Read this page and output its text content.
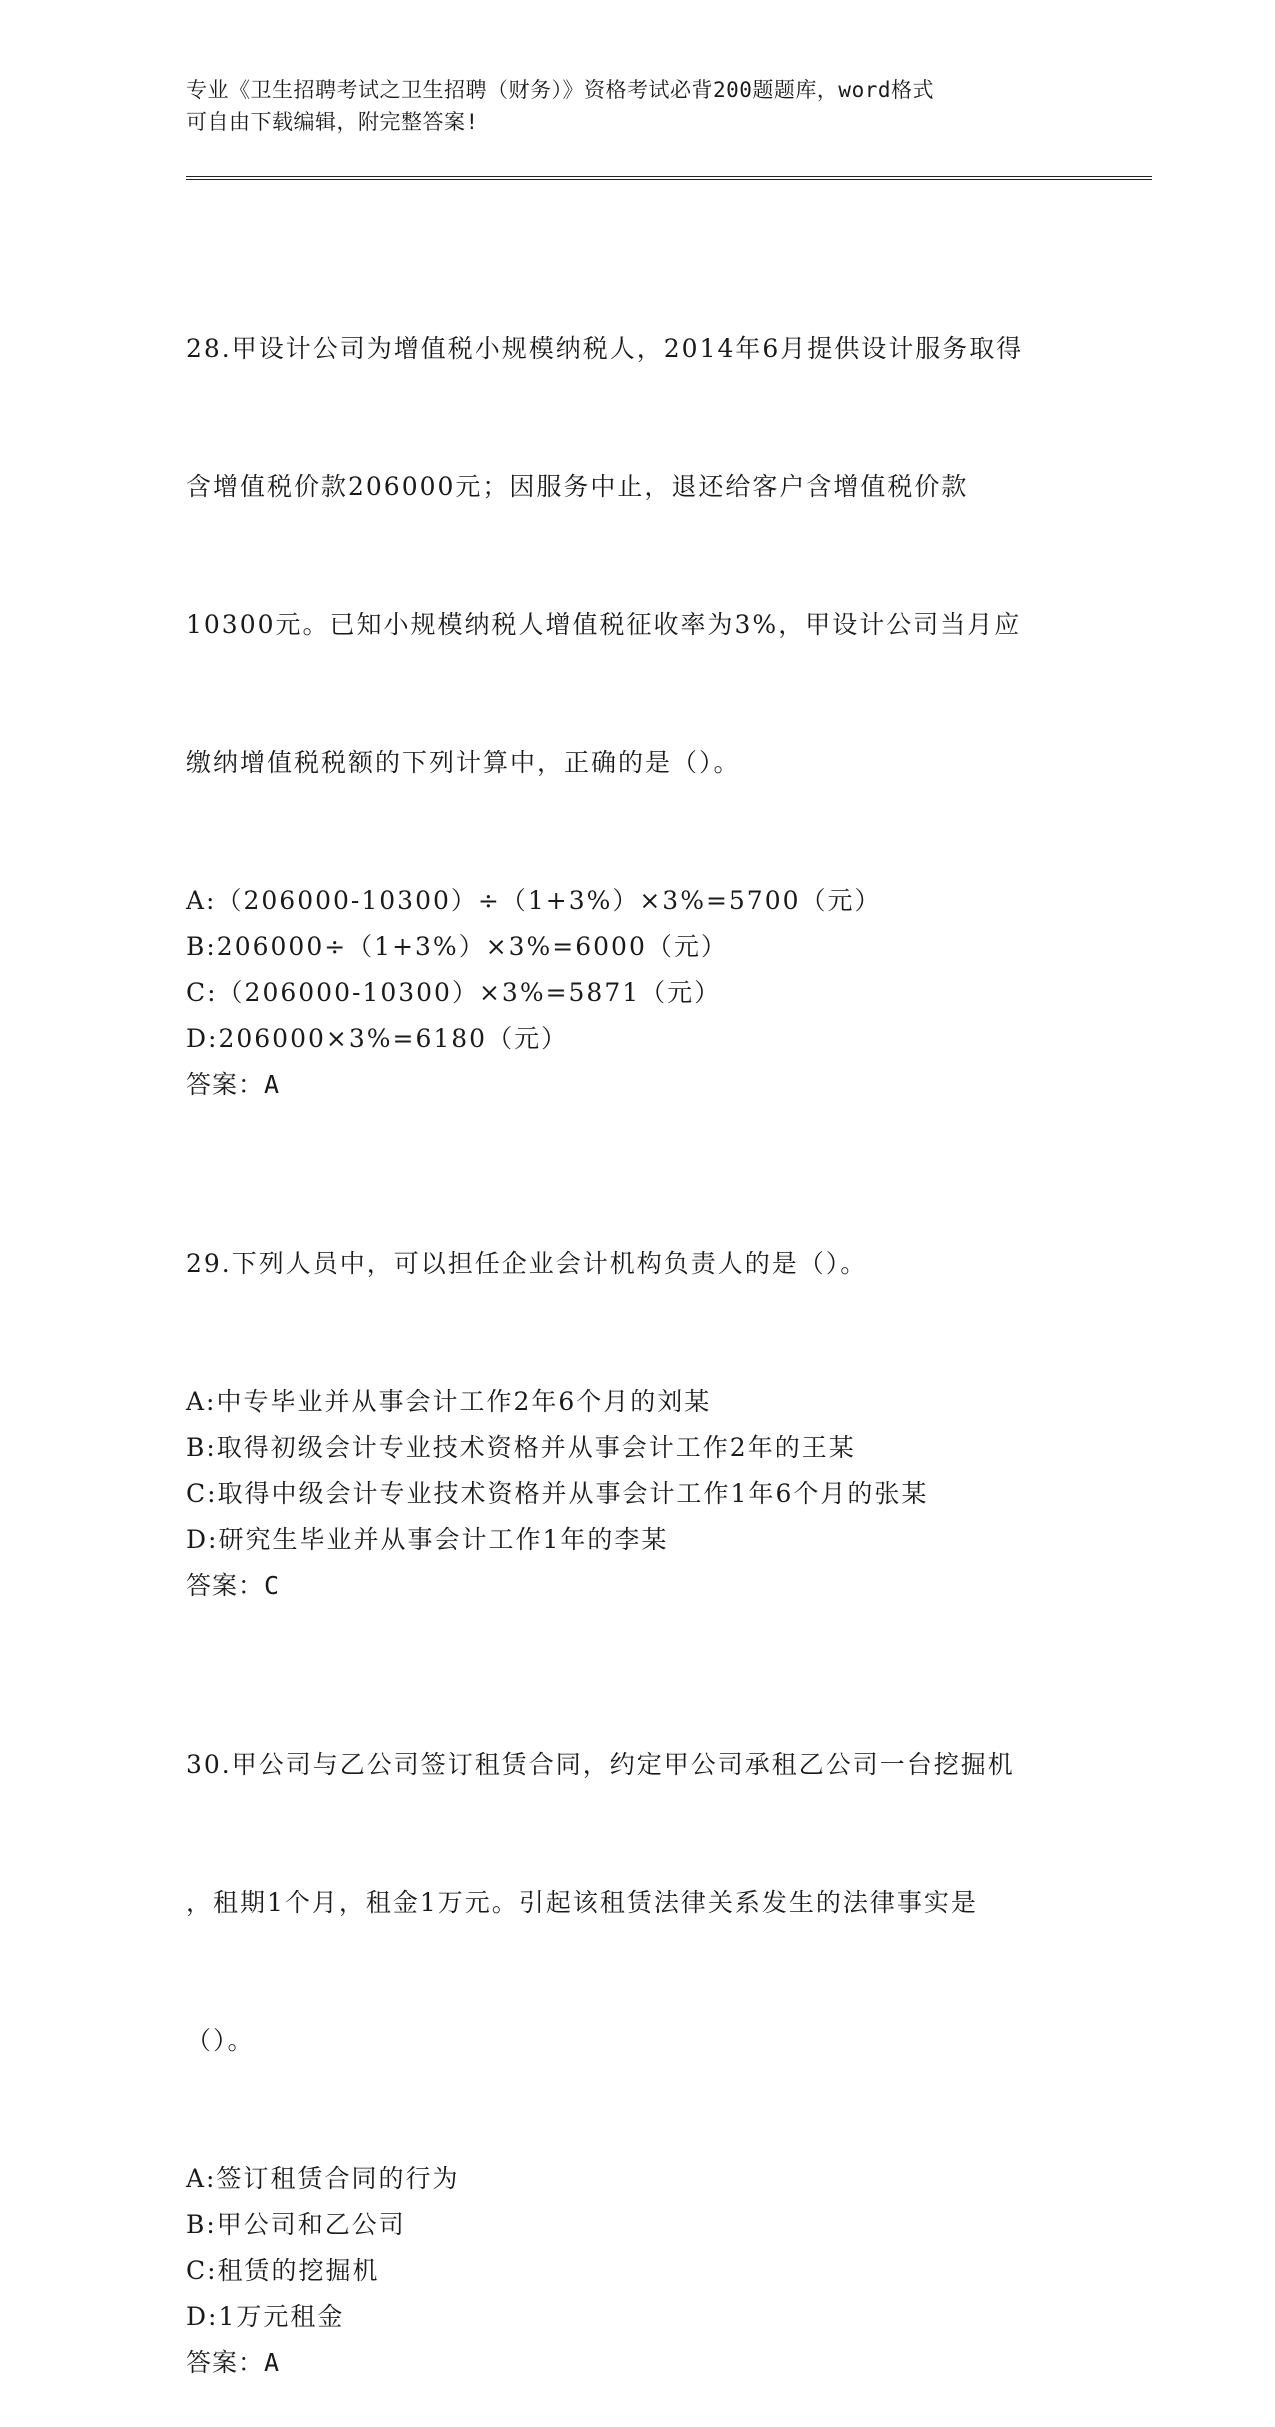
专业《卫生招聘考试之卫生招聘（财务）》资格考试必背200题题库，word格式
可自由下载编辑，附完整答案!

28.甲设计公司为增值税小规模纳税人，2014年6月提供设计服务取得

含增值税价款206000元；因服务中止，退还给客户含增值税价款

10300元。已知小规模纳税人增值税征收率为3%，甲设计公司当月应

缴纳增值税税额的下列计算中，正确的是（）。

A:（206000-10300）÷（1+3%）×3%=5700（元）
B:206000÷（1+3%）×3%=6000（元）
C:（206000-10300）×3%=5871（元）
D:206000×3%=6180（元）
答案：A

29.下列人员中，可以担任企业会计机构负责人的是（）。

A:中专毕业并从事会计工作2年6个月的刘某
B:取得初级会计专业技术资格并从事会计工作2年的王某
C:取得中级会计专业技术资格并从事会计工作1年6个月的张某
D:研究生毕业并从事会计工作1年的李某
答案：C

30.甲公司与乙公司签订租赁合同，约定甲公司承租乙公司一台挖掘机

，租期1个月，租金1万元。引起该租赁法律关系发生的法律事实是

（）。

A:签订租赁合同的行为
B:甲公司和乙公司
C:租赁的挖掘机
D:1万元租金
答案：A
